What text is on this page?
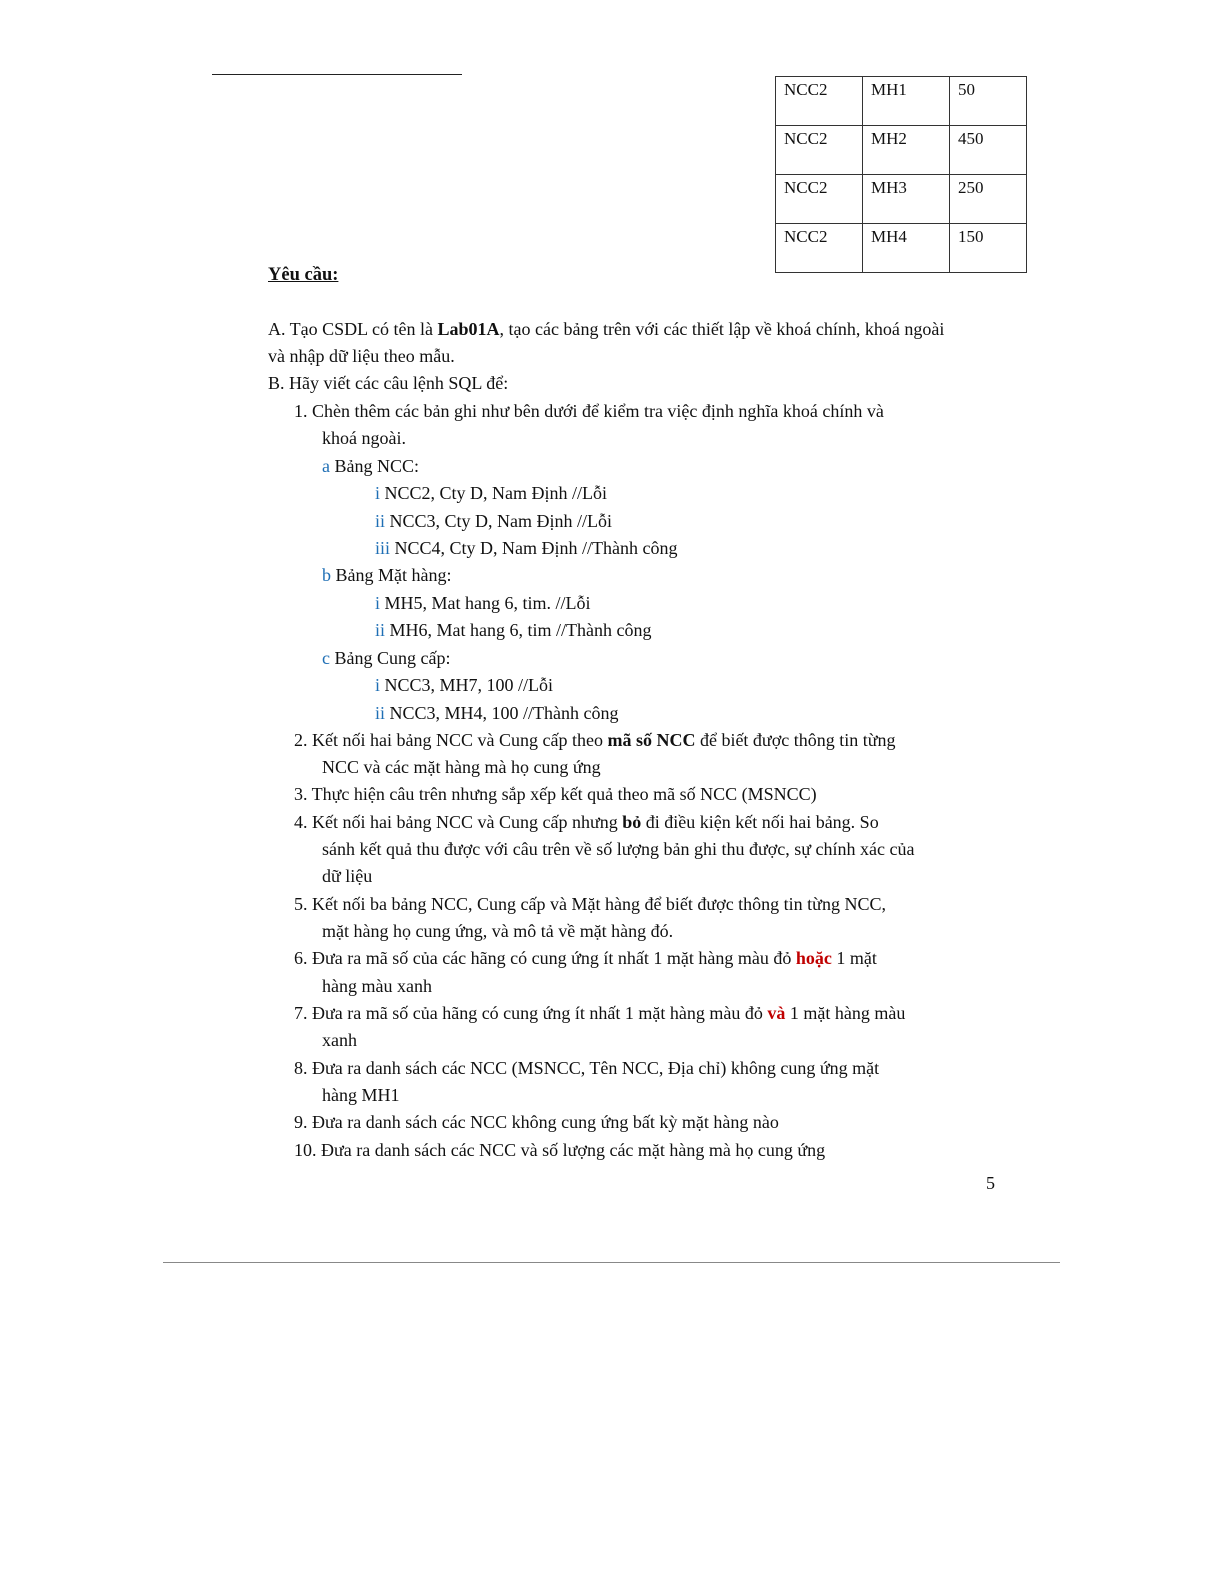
NCC2	MH1	50
NCC2	MH2	450
NCC2	MH3	250
NCC2	MH4	150
Yêu cầu:
A. Tạo CSDL có tên là Lab01A, tạo các bảng trên với các thiết lập về khoá chính, khoá ngoài
và nhập dữ liệu theo mẫu.
B. Hãy viết các câu lệnh SQL để:
1. Chèn thêm các bản ghi như bên dưới để kiểm tra việc định nghĩa khoá chính và
khoá ngoài.
a Bảng NCC:
i NCC2, Cty D, Nam Định //Lỗi
ii NCC3, Cty D, Nam Định //Lỗi
iii NCC4, Cty D, Nam Định //Thành công
b Bảng Mặt hàng:
i MH5, Mat hang 6, tim. //Lỗi
ii MH6, Mat hang 6, tim //Thành công
c Bảng Cung cấp:
i NCC3, MH7, 100 //Lỗi
ii NCC3, MH4, 100 //Thành công
2. Kết nối hai bảng NCC và Cung cấp theo mã số NCC để biết được thông tin từng
NCC và các mặt hàng mà họ cung ứng
3. Thực hiện câu trên nhưng sắp xếp kết quả theo mã số NCC (MSNCC)
4. Kết nối hai bảng NCC và Cung cấp nhưng bỏ đi điều kiện kết nối hai bảng. So
sánh kết quả thu được với câu trên về số lượng bản ghi thu được, sự chính xác của
dữ liệu
5. Kết nối ba bảng NCC, Cung cấp và Mặt hàng để biết được thông tin từng NCC,
mặt hàng họ cung ứng, và mô tả về mặt hàng đó.
6. Đưa ra mã số của các hãng có cung ứng ít nhất 1 mặt hàng màu đỏ hoặc 1 mặt
hàng màu xanh
7. Đưa ra mã số của hãng có cung ứng ít nhất 1 mặt hàng màu đỏ và 1 mặt hàng màu
xanh
8. Đưa ra danh sách các NCC (MSNCC, Tên NCC, Địa chỉ) không cung ứng mặt
hàng MH1
9. Đưa ra danh sách các NCC không cung ứng bất kỳ mặt hàng nào
10. Đưa ra danh sách các NCC và số lượng các mặt hàng mà họ cung ứng
5
